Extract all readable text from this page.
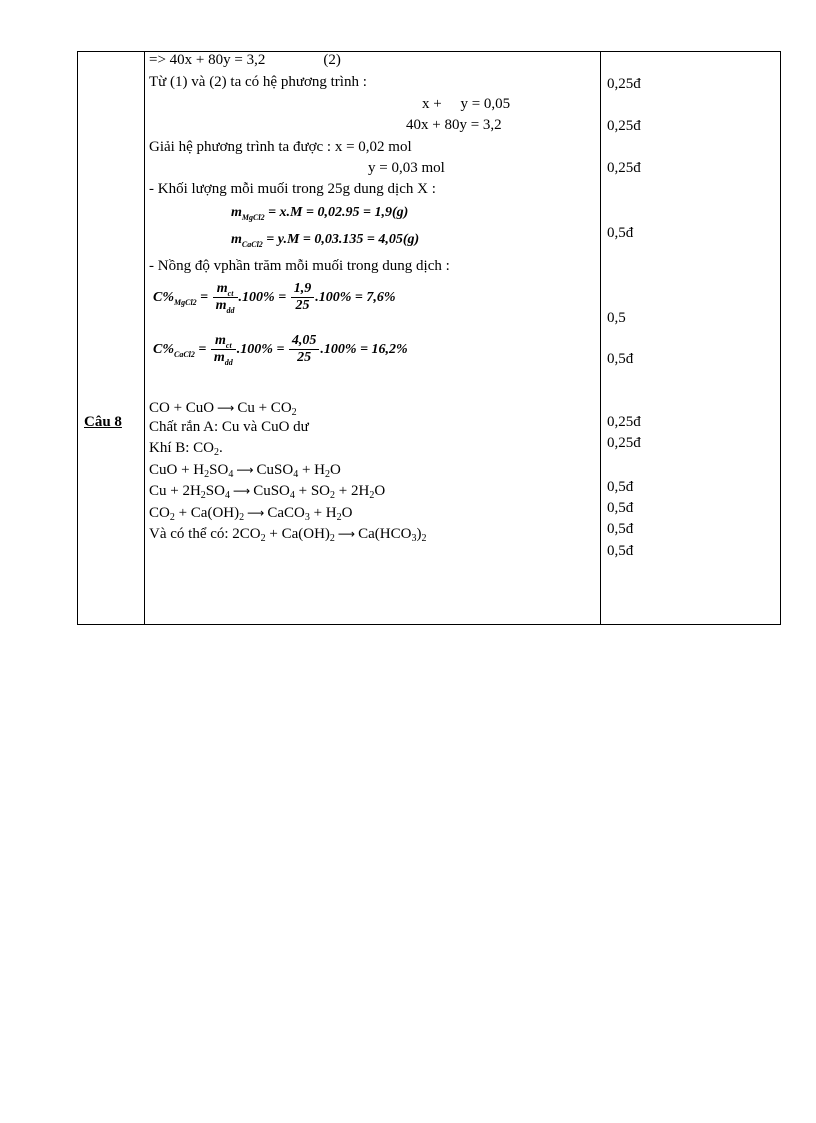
Câu 8
=> 40x + 80y = 3,2	(2)
Từ (1) và (2) ta có hệ phương trình :
x +     y = 0,05
40x + 80y = 3,2
Giải hệ phương trình ta được : x = 0,02 mol
y = 0,03 mol
- Khối lượng mỗi muối trong 25g dung dịch X :
$m_{MgCl2} = x.M = 0,02.95 = 1,9(g)$
$m_{CaCl2} = y.M = 0,03.135 = 4,05(g)$
- Nồng độ vphần trăm mỗi muối trong dung dịch :
$C\%_{MgCl2} = \frac{m_{ct}}{m_{dd}} .100\% = \frac{1,9}{25} .100\% = 7,6\%$
$C\%_{CaCl2} = \frac{m_{ct}}{m_{dd}} .100\% = \frac{4,05}{25} .100\% = 16,2\%$
CO + CuO ⟶ $Cu + CO_2$
Chất rắn A: Cu và CuO dư
Khí B: $CO_2$.
CuO + $H_2SO_4$ ⟶ CuSO$_4$ + $H_2O$
$Cu + 2H_2SO_4$ ⟶ CuSO$_4$ + $SO_2 + 2H_2O$
$CO_2 + Ca(OH)_2$ ⟶ CaCO$_3$ + $H_2O$
Và có thể có: $2CO_2 + Ca(OH)_2$ ⟶ $Ca(HCO_3)_2$
0,25đ
0,25đ
0,25đ
0,5đ
0,5
0,5đ
0,25đ
0,25đ
0,5đ
0,5đ
0,5đ
0,5đ
